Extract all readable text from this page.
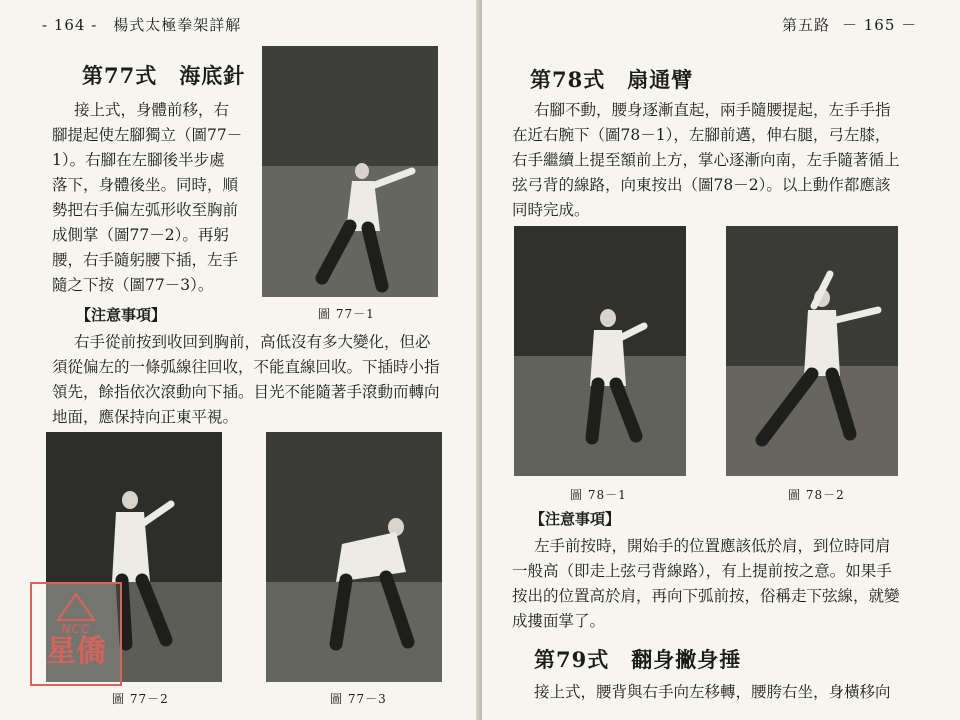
- 164 -　楊式太極拳架詳解
第77式 海底針
接上式，身體前移，右
腳提起使左腳獨立（圖77－
1）。右腳在左腳後半步處
落下，身體後坐。同時，順
勢把右手偏左弧形收至胸前
成側掌（圖77－2）。再躬
腰，右手隨躬腰下插，左手
隨之下按（圖77－3）。
圖 77－1
【注意事項】
右手從前按到收回到胸前，高低沒有多大變化，但必
須從偏左的一條弧線往回收，不能直線回收。下插時小指
領先，餘指依次滾動向下插。目光不能隨著手滾動而轉向
地面，應保持向正東平視。
圖 77－2	圖 77－3
NCC
星僑
第五路 － 165 －
第78式 扇通臂
右腳不動，腰身逐漸直起，兩手隨腰提起，左手手指
在近右腕下（圖78－1），左腳前邁，伸右腿，弓左膝，
右手繼續上提至額前上方，掌心逐漸向南，左手隨著循上
弦弓背的線路，向東按出（圖78－2）。以上動作都應該
同時完成。
圖 78－1	圖 78－2
【注意事項】
左手前按時，開始手的位置應該低於肩，到位時同肩
一般高（即走上弦弓背線路），有上提前按之意。如果手
按出的位置高於肩，再向下弧前按，俗稱走下弦線，就變
成摟面掌了。
第79式 翻身撇身捶
接上式，腰背與右手向左移轉，腰胯右坐，身橫移向
